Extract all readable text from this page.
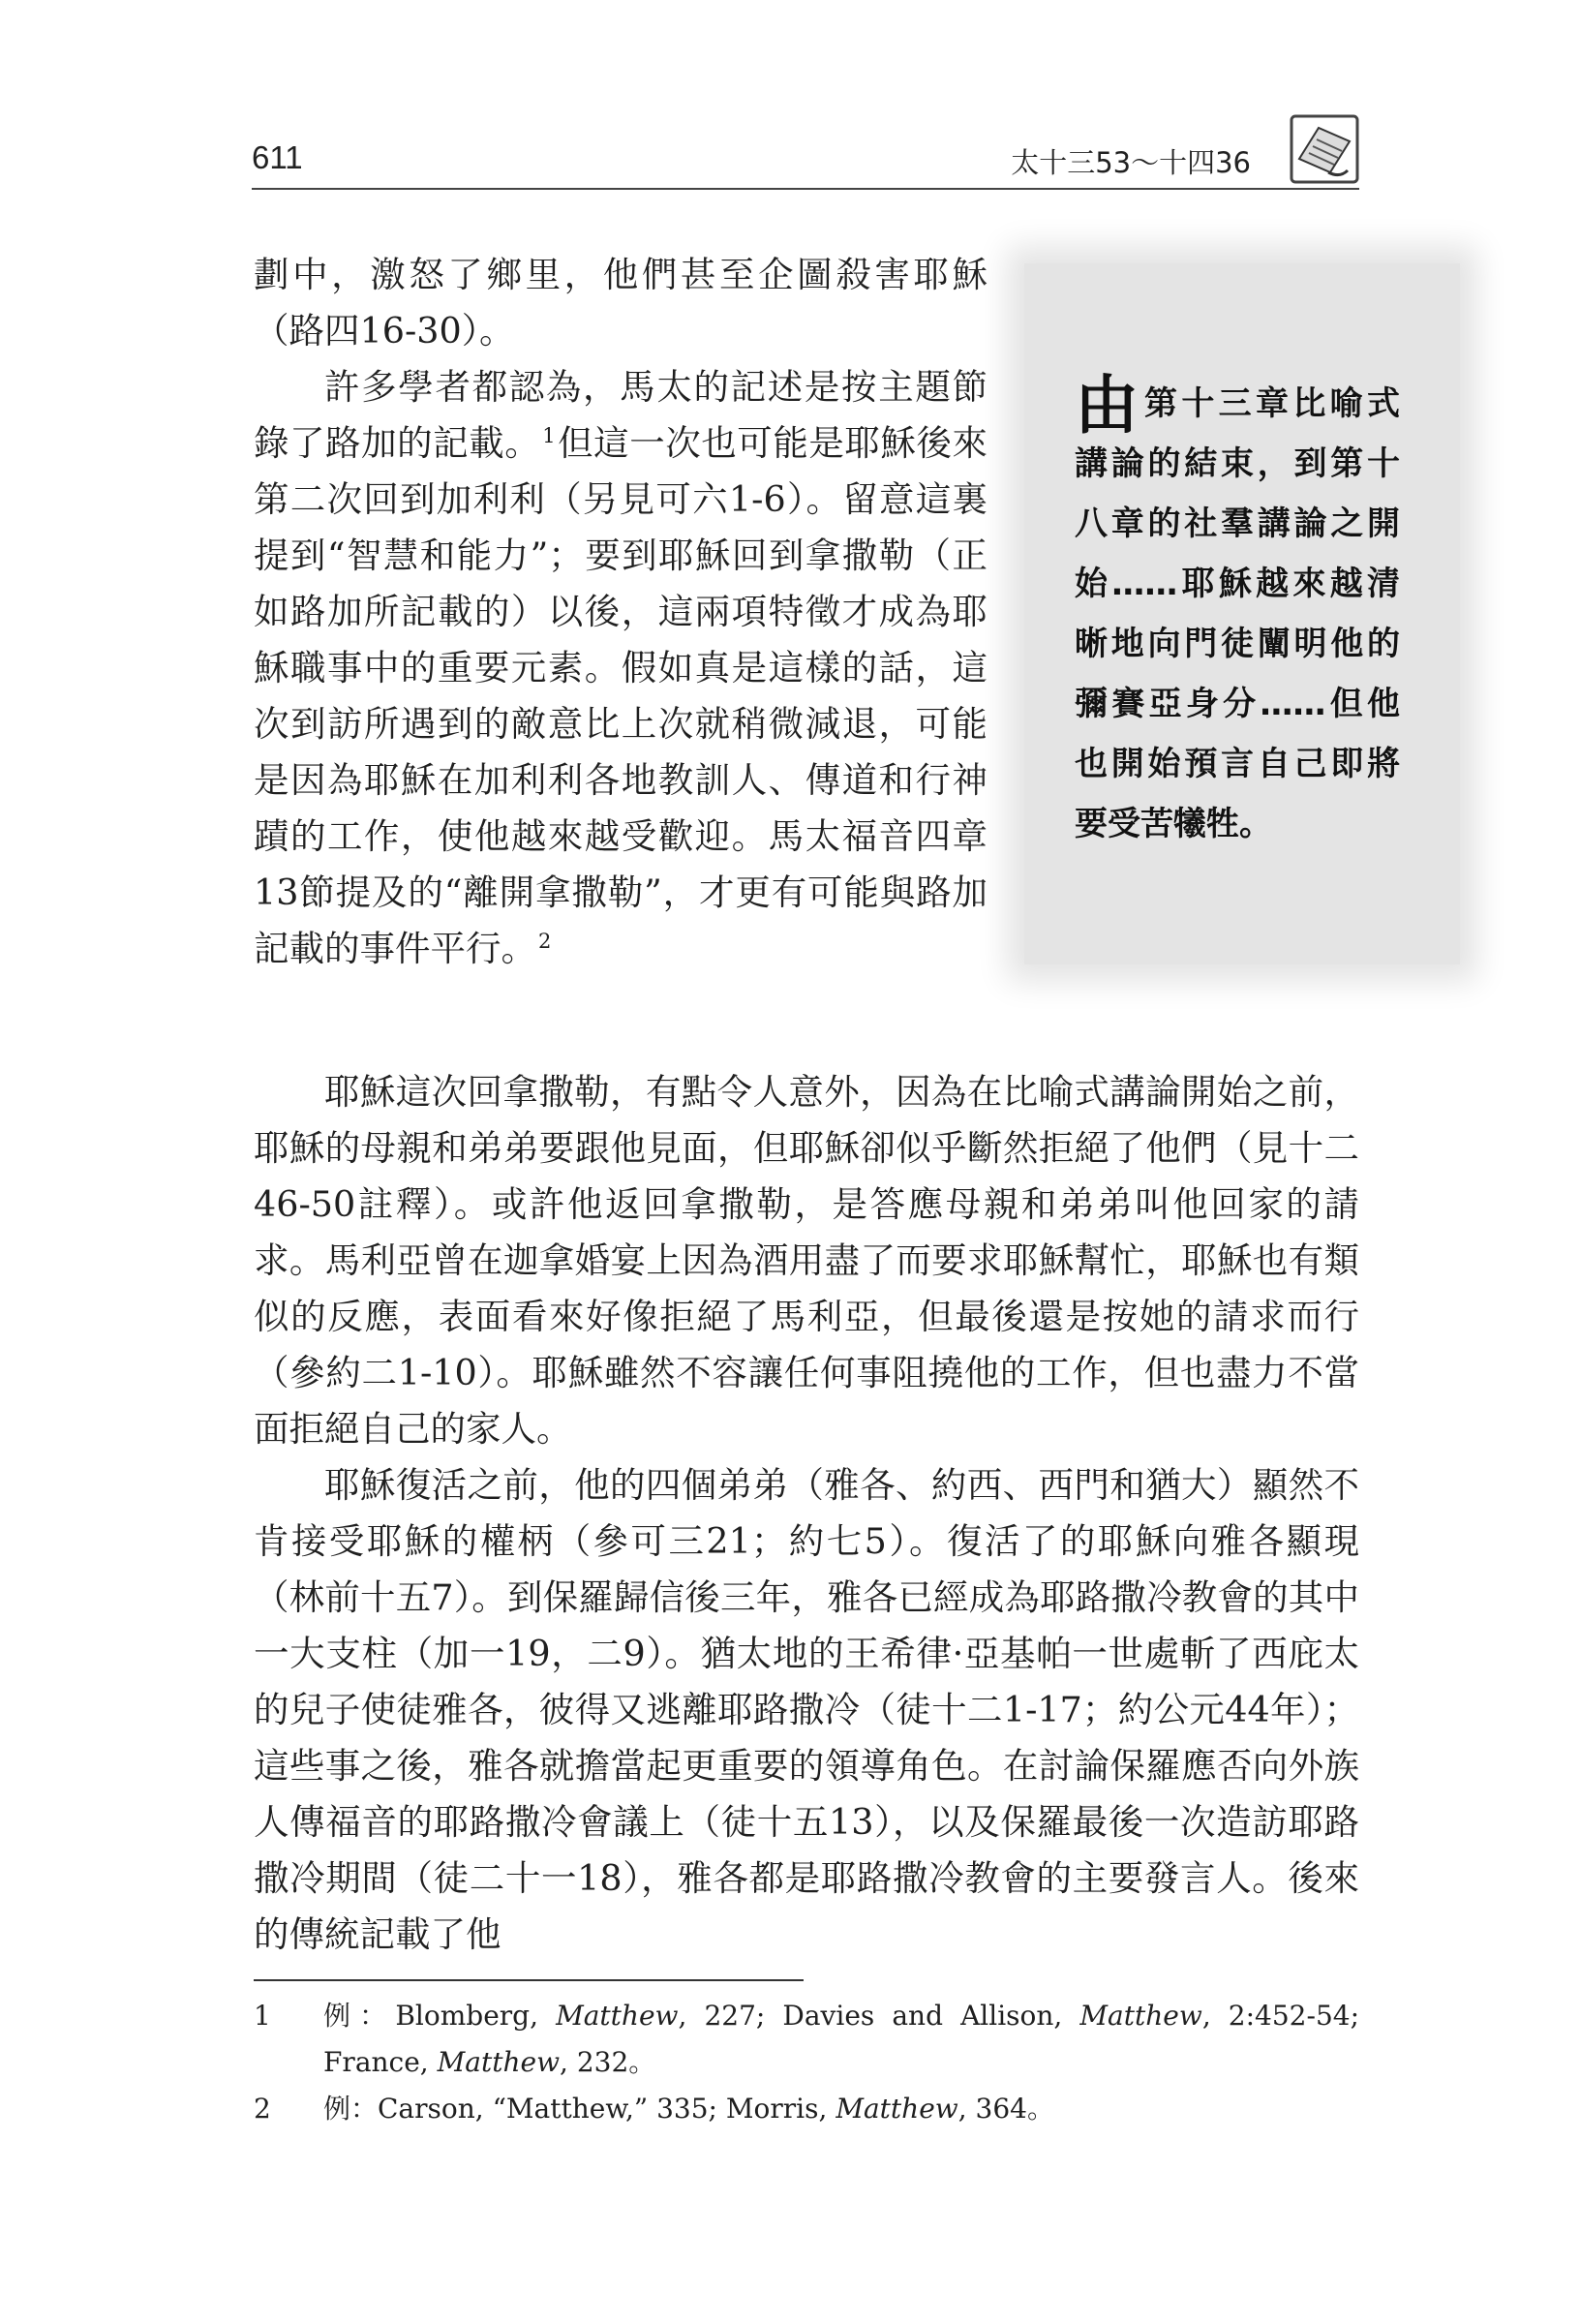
611	太十三53～十四36

劃中，激怒了鄉里，他們甚至企圖殺害耶穌（路四16-30）。

許多學者都認為，馬太的記述是按主題節錄了路加的記載。$^1$但這一次也可能是耶穌後來第二次回到加利利（另見可六1-6）。留意這裏提到“智慧和能力”；要到耶穌回到拿撒勒（正如路加所記載的）以後，這兩項特徵才成為耶穌職事中的重要元素。假如真是這樣的話，這次到訪所遇到的敵意比上次就稍微減退，可能是因為耶穌在加利利各地教訓人、傳道和行神蹟的工作，使他越來越受歡迎。馬太福音四章13節提及的“離開拿撒勒”，才更有可能與路加記載的事件平行。$^2$

由第十三章比喻式講論的結束，到第十八章的社羣講論之開始……耶穌越來越清晰地向門徒闡明他的彌賽亞身分……但他也開始預言自己即將要受苦犧牲。

耶穌這次回拿撒勒，有點令人意外，因為在比喻式講論開始之前，耶穌的母親和弟弟要跟他見面，但耶穌卻似乎斷然拒絕了他們（見十二46-50註釋）。或許他返回拿撒勒，是答應母親和弟弟叫他回家的請求。馬利亞曾在迦拿婚宴上因為酒用盡了而要求耶穌幫忙，耶穌也有類似的反應，表面看來好像拒絕了馬利亞，但最後還是按她的請求而行（參約二1-10）。耶穌雖然不容讓任何事阻撓他的工作，但也盡力不當面拒絕自己的家人。

耶穌復活之前，他的四個弟弟（雅各、約西、西門和猶大）顯然不肯接受耶穌的權柄（參可三21；約七5）。復活了的耶穌向雅各顯現（林前十五7）。到保羅歸信後三年，雅各已經成為耶路撒冷教會的其中一大支柱（加一19，二9）。猶太地的王希律·亞基帕一世處斬了西庇太的兒子使徒雅各，彼得又逃離耶路撒冷（徒十二1-17；約公元44年）；這些事之後，雅各就擔當起更重要的領導角色。在討論保羅應否向外族人傳福音的耶路撒冷會議上（徒十五13），以及保羅最後一次造訪耶路撒冷期間（徒二十一18），雅各都是耶路撒冷教會的主要發言人。後來的傳統記載了他

1	例：Blomberg, Matthew, 227; Davies and Allison, Matthew, 2:452-54; France, Matthew, 232。
2	例：Carson, “Matthew,” 335; Morris, Matthew, 364。
